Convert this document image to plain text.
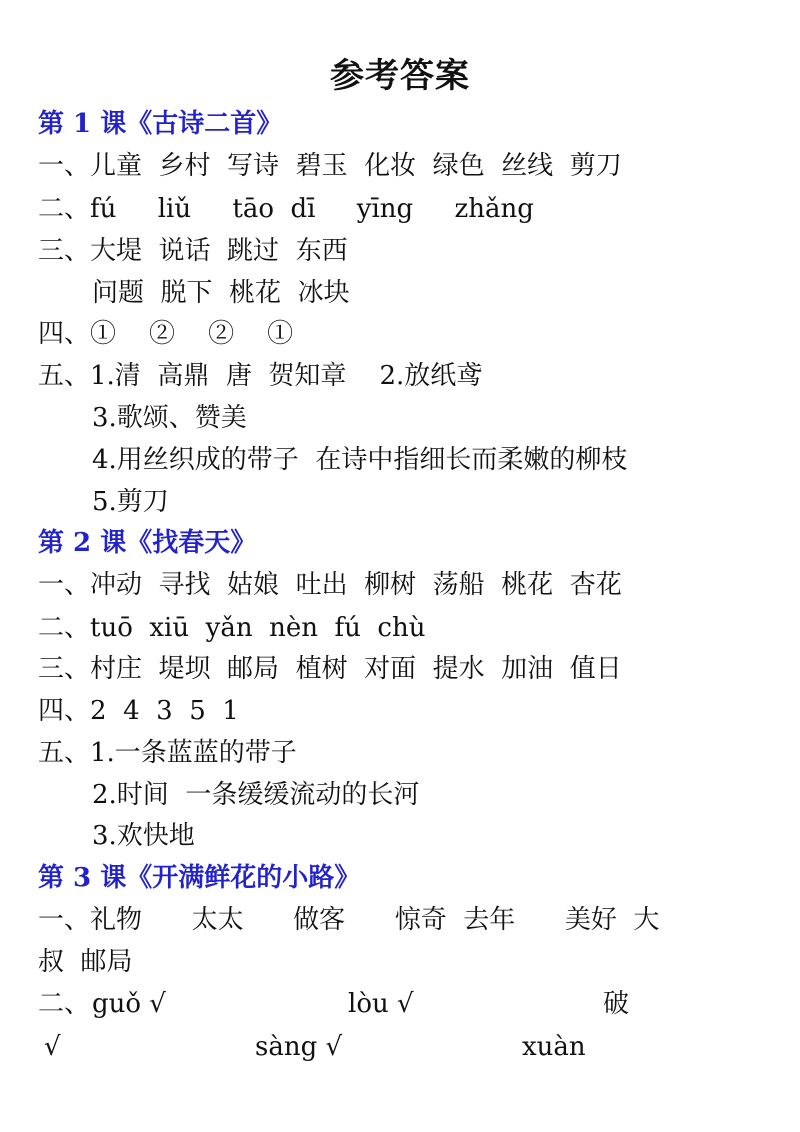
参考答案
第 1 课《古诗二首》
一、儿童  乡村  写诗  碧玉  化妆  绿色  丝线  剪刀
二、fú     liǔ     tāo  dī     yīng     zhǎng
三、大堤  说话  跳过  东西
问题  脱下  桃花  冰块
四、①    ②    ②    ①
五、1.清  高鼎  唐  贺知章    2.放纸鸢
3.歌颂、赞美
4.用丝织成的带子  在诗中指细长而柔嫩的柳枝
5.剪刀
第 2 课《找春天》
一、冲动  寻找  姑娘  吐出  柳树  荡船  桃花  杏花
二、tuō  xiū  yǎn  nèn  fú  chù
三、村庄  堤坝  邮局  植树  对面  提水  加油  值日
四、2  4  3  5  1
五、1.一条蓝蓝的带子
2.时间  一条缓缓流动的长河
3.欢快地
第 3 课《开满鲜花的小路》
一、礼物      太太      做客      惊奇  去年      美好  大
叔  邮局
二、 guǒ √	lòu √	破
√	sàng √	xuàn
